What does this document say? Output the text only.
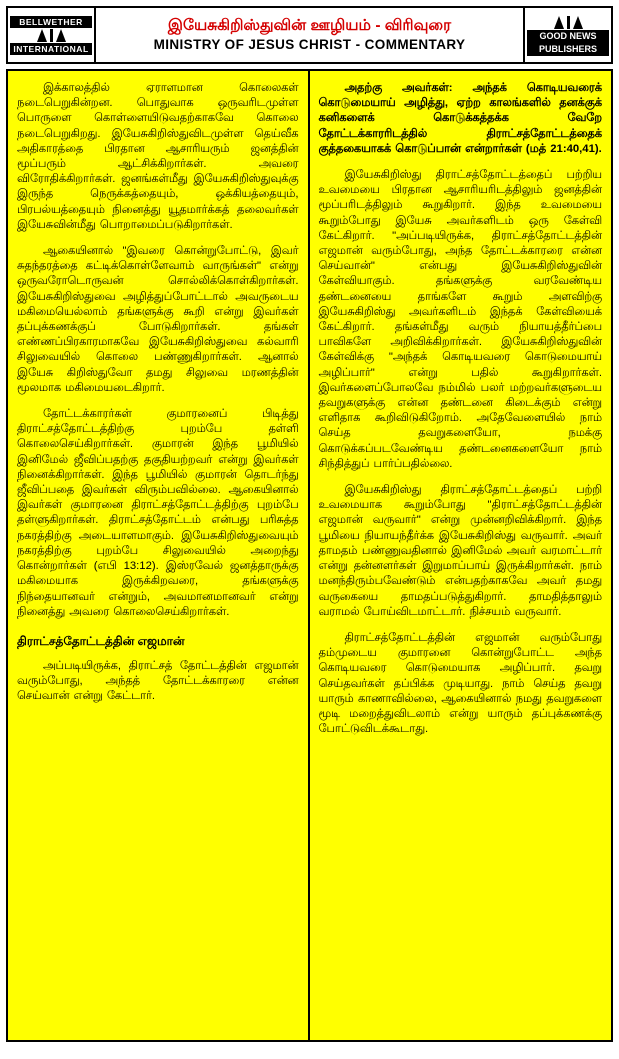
BELLWETHER
INTERNATIONAL
இயேசுகிறிஸ்துவின் ஊழியம் - விரிவுரை
MINISTRY OF JESUS CHRIST - COMMENTARY
GOOD NEWS
PUBLISHERS

இக்காலத்தில் ஏராளமான கொலைகள் நடைபெறுகின்றன. பொதுவாக ஒருவரிடமுள்ள பொருளை கொள்ளையிடுவதற்காகவே கொலை நடைபெறுகிறது. இயேசுகிறிஸ்துவிடமுள்ள தெய்வீக அதிகாரத்தை பிரதான ஆசாரியரும் ஜனத்தின் மூப்பரும் ஆட்சிக்கிறார்கள். அவரை விரோதிக்கிறார்கள். ஜனங்கள்மீது இயேசுகிறிஸ்துவுக்கு இருந்த நெருக்கத்தையும், ஒக்கியத்தையும், பிரபல்யத்தையும் நினைத்து யூதமார்க்கத் தலைவர்கள் இயேசுவின்மீது பொறாமைப்படுகிறார்கள்.

ஆகையினால் "இவரை கொன்றுபோட்டு, இவர் சுதந்தரத்தை கட்டிக்கொள்ளேவாம் வாருங்கள்" என்று ஒருவரோடொருவன் சொல்லிக்கொள்கிறார்கள். இயேசுகிறிஸ்துவை அழித்துப்போட்டால் அவருடைய மகிமையெல்லாம் தங்களுக்கு கூறி என்று இவர்கள் தப்புக்கணக்குப் போடுகிறார்கள். தங்கள் எண்ணப்பிரகாரமாகவே இயேசுகிறிஸ்துவை கல்வாரி சிலுவையில் கொலை பண்ணுகிறார்கள். ஆனால் இயேசு கிறிஸ்துவோ தமது சிலுவை மரணத்தின் மூலமாக மகிமையடைகிறார்.

தோட்டக்காரர்கள் குமாரனைப் பிடித்து திராட்சத்தோட்டத்திற்கு புறம்பே தள்ளி கொலைசெய்கிறார்கள். குமாரன் இந்த பூமியில் இனிமேல் ஜீவிப்பதற்கு தகுதியற்றவர் என்று இவர்கள் நினைக்கிறார்கள். இந்த பூமியில் குமாரன் தொடர்ந்து ஜீவிப்பதை இவர்கள் விரும்பவில்லை. ஆகையினால் இவர்கள் குமாரனை திராட்சத்தோட்டத்திற்கு புறம்பே தள்ளுகிறார்கள். திராட்சத்தோட்டம் என்பது பரிசுத்த நகரத்திற்கு அடையாளமாகும். இயேசுகிறிஸ்துவையும் நகரத்திற்கு புறம்பே சிலுவையில் அறைந்து கொன்றார்கள் (எபி 13:12). இஸ்ரவேல் ஜனத்தாருக்கு மகிமையாக இருக்கிறவரை, தங்களுக்கு நிந்தையானவர் என்றும், அவமானமானவர் என்று நினைத்து அவரை கொலைசெய்கிறார்கள்.

திராட்சத்தோட்டத்தின் எஜமான்

அப்படியிருக்க, திராட்சத் தோட்டத்தின் எஜமான் வரும்போது, அந்தத் தோட்டக்காரரை என்ன செய்வான் என்று கேட்டார்.

அதற்கு அவர்கள்: அந்தக் கொடியவரைக் கொடுமையாய் அழித்து, ஏற்ற காலங்களில் தனக்குக் கனிகளைக் கொடுக்கத்தக்க வேறே தோட்டக்காரரிடத்தில் திராட்சத்தோட்டத்தைக் குத்தகையாகக் கொடுப்பான் என்றார்கள் (மத் 21:40,41).

இயேசுகிறிஸ்து திராட்சத்தோட்டத்தைப் பற்றிய உவமையை பிரதான ஆசாரியரிடத்திலும் ஜனத்தின் மூப்பரிடத்திலும் கூறுகிறார். இந்த உவமையை கூறும்போது இயேசு அவர்களிடம் ஒரு கேள்வி கேட்கிறார். "அப்படியிருக்க, திராட்சத்தோட்டத்தின் எஜமான் வரும்போது, அந்த தோட்டக்காரரை என்ன செய்வான்" என்பது இயேசுகிறிஸ்துவின் கேள்வியாகும். தங்களுக்கு வரவேண்டிய தண்டனையை தாங்களே கூறும் அளவிற்கு இயேசுகிறிஸ்து அவர்களிடம் இந்தக் கேள்வியைக் கேட்கிறார். தங்கள்மீது வரும் நியாயத்தீர்ப்பை பாவிகளே அறிவிக்கிறார்கள். இயேசுகிறிஸ்துவின் கேள்விக்கு "அந்தக் கொடியவரை கொடுமையாய் அழிப்பார்" என்று பதில் கூறுகிறார்கள். இவர்களைப்போலவே நம்மில் பலர் மற்றவர்களுடைய தவறுகளுக்கு என்ன தண்டனை கிடைக்கும் என்று எளிதாக கூறிவிடுகிறோம். அதேவேளையில் நாம் செய்த தவறுகளையோ, நமக்கு கொடுக்கப்படவேண்டிய தண்டனைகளையோ நாம் சிந்தித்துப் பார்ப்பதில்லை.

இயேசுகிறிஸ்து திராட்சத்தோட்டத்தைப் பற்றி உவமையாக கூறும்போது "திராட்சத்தோட்டத்தின் எஜமான் வருவார்" என்று முன்னறிவிக்கிறார். இந்த பூமியை நியாயந்தீர்க்க இயேசுகிறிஸ்து வருவார். அவர் தாமதம் பண்ணுவதினால் இனிமேல் அவர் வரமாட்டார் என்று தன்னளர்கள் இறுமாப்பாய் இருக்கிறார்கள். நாம் மனந்திரும்பவேண்டும் என்பதற்காகவே அவர் தமது வருகையை தாமதப்படுத்துகிறார். தாமதித்தாலும் வராமல் போய்விடமாட்டார். நிச்சயம் வருவார்.

திராட்சத்தோட்டத்தின் எஜமான் வரும்போது தம்முடைய குமாரனை கொன்றுபோட்ட அந்த கொடியவரை கொடுமையாக அழிப்பார். தவறு செய்தவர்கள் தப்பிக்க முடியாது. நாம் செய்த தவறு யாரும் காணாவில்லை, ஆகையினால் நமது தவறுகளை மூடி மறைத்துவிடலாம் என்று யாரும் தப்புக்கணக்கு போட்டுவிடக்கூடாது.
